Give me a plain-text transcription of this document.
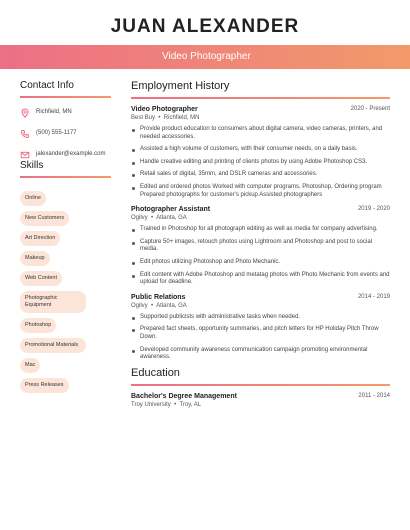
JUAN ALEXANDER
Video Photographer
Contact Info
Richfield, MN
(500) 555-1177
jalexander@example.com
Skills
Online
New Customers
Art Direction
Makeup
Web Content
Photographic Equipment
Photoshop
Promotional Materials
Mac
Press Releases
Employment History
Video Photographer	2020 - Present
Best Buy  •  Richfield, MN
Provide product education to consumers about digital camera, video cameras, printers, and needed accessories.
Assisted a high volume of customers, with their consumer needs, on a daily basis.
Handle creative editing and printing of clients photos by using Adobe Photoshop CS3.
Retail sales of digital, 35mm, and DSLR cameras and accessories.
Edited and ordered photos Worked with computer programs, Photoshop, Ordering program Prepared photographs for customer's pickup Assisted photographers
Photographer Assistant	2019 - 2020
Ogilvy  •  Atlanta, GA
Trained in Photoshop for all photograph editing as well as media for company advertising.
Capture 50+ images, retouch photos using Lightroom and Photoshop and post to social media.
Edit photos utilizing Photoshop and Photo Mechanic.
Edit content with Adobe Photoshop and metatag photos with Photo Mechanic from events and upload for deadline.
Public Relations	2014 - 2019
Ogilvy  •  Atlanta, GA
Supported publicists with administrative tasks when needed.
Prepared fact sheets, opportunity summaries, and pitch letters for HP Holiday Pitch Throw Down.
Developed community awareness communication campaign promoting environmental awareness.
Education
Bachelor's Degree Management	2011 - 2014
Troy University  •  Troy, AL
